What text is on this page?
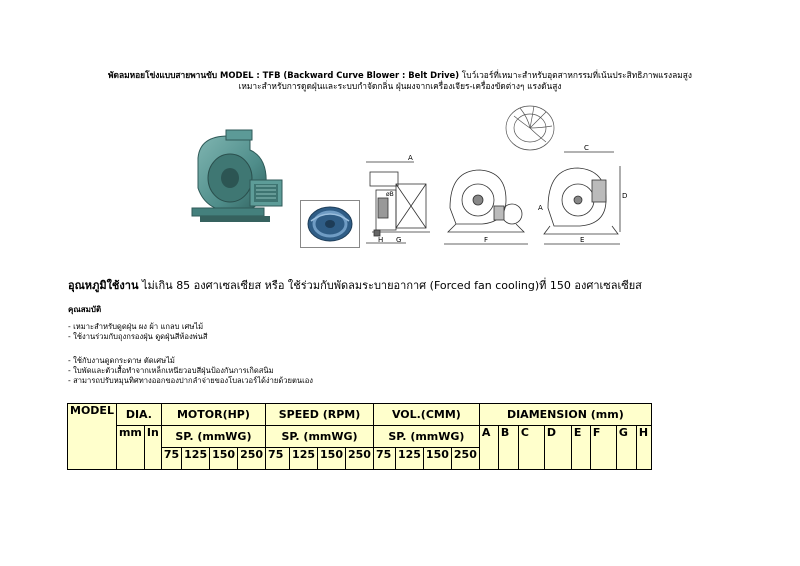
พัดลมหอยโข่งแบบสายพานขับ MODEL : TFB (Backward Curve Blower : Belt Drive) โบว์เวอร์ที่เหมาะสำหรับอุตสาหกรรมที่เน้นประสิทธิภาพแรงลมสูง
เหมาะสำหรับการดูดฝุ่นและระบบกำจัดกลิ่น ฝุ่นผงจากเครื่องเจียร-เครื่องขัดต่างๆ แรงดันสูง
A
øB
H G	F
C
D
A
E
อุณหภูมิใช้งาน ไม่เกิน 85 องศาเซลเซียส หรือ ใช้ร่วมกับพัดลมระบายอากาศ (Forced fan cooling)ที่ 150 องศาเซลเซียส
คุณสมบัติ
- เหมาะสำหรับดูดฝุ่น ผง ผ้า แกลบ เศษไม้
- ใช้งานร่วมกับถุงกรองฝุ่น ดูดฝุ่นสีห้องพ่นสี
- ใช้กับงานดูดกระดาษ ตัดเศษไม้
- ใบพัดและตัวเสื้อทำจากเหล็กเหนียวอบสีฝุ่นป้องกันการเกิดสนิม
- สามารถปรับหมุนทิศทางออกของปากลำจ่ายของโบลเวอร์ได้ง่ายด้วยตนเอง
MODEL	DIA.		MOTOR(HP)				SPEED (RPM)				VOL.(CMM)				DIAMENSION (mm)							
	mm	In	SP. (mmWG)				SP. (mmWG)				SP. (mmWG)				A	B	C	D	E	F	G	H
			75	125	150	250	75	125	150	250	75	125	150	250								
